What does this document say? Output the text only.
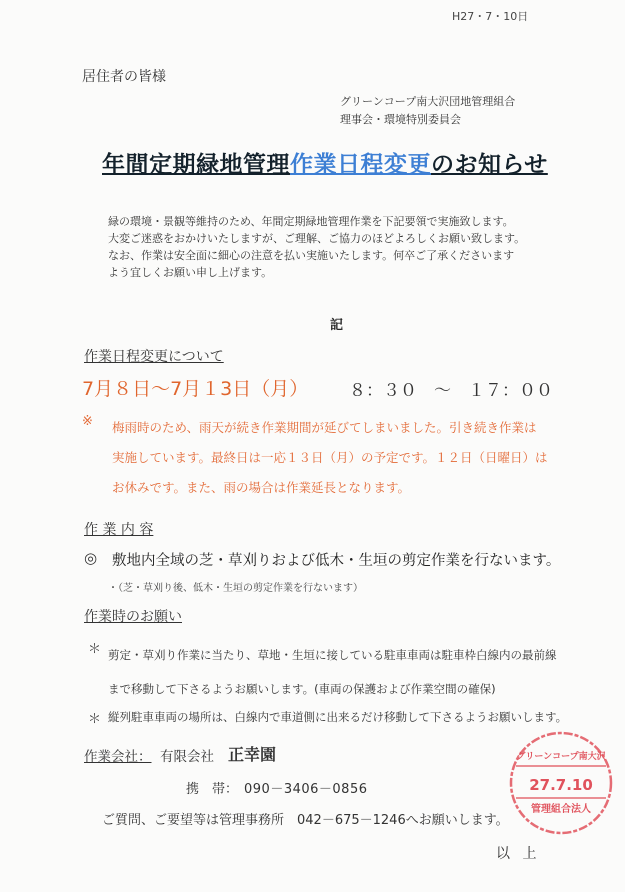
H27・7・10日
居住者の皆様
グリーンコープ南大沢団地管理組合
理事会・環境特別委員会
年間定期緑地管理作業日程変更のお知らせ
緑の環境・景観等維持のため、年間定期緑地管理作業を下記要領で実施致します。
大変ご迷惑をおかけいたしますが、ご理解、ご協力のほどよろしくお願い致します。
なお、作業は安全面に細心の注意を払い実施いたします。何卒ご了承くださいます
よう宜しくお願い申し上げます。
記
作業日程変更について
7月８日～7月１3日（月） ８：３０　～　１７：００
※ 梅雨時のため、雨天が続き作業期間が延びてしまいました。引き続き作業は
実施しています。最終日は一応１３日（月）の予定です。１２日（日曜日）は
お休みです。また、雨の場合は作業延長となります。
作 業 内 容
◎ 敷地内全域の芝・草刈りおよび低木・生垣の剪定作業を行ないます。
・（芝・草刈り後、低木・生垣の剪定作業を行ないます）
作業時のお願い
＊ 剪定・草刈り作業に当たり、草地・生垣に接している駐車車両は駐車枠白線内の最前線
まで移動して下さるようお願いします。(車両の保護および作業空間の確保)
＊ 縦列駐車車両の場所は、白線内で車道側に出来るだけ移動して下さるようお願いします。
作業会社： 有限会社 正幸園
携　帯： 090－3406－0856
ご質問、ご要望等は管理事務所　042－675－1246へお願いします。
以 上
グリーンコープ南大沢
27.7.10
管理組合法人
